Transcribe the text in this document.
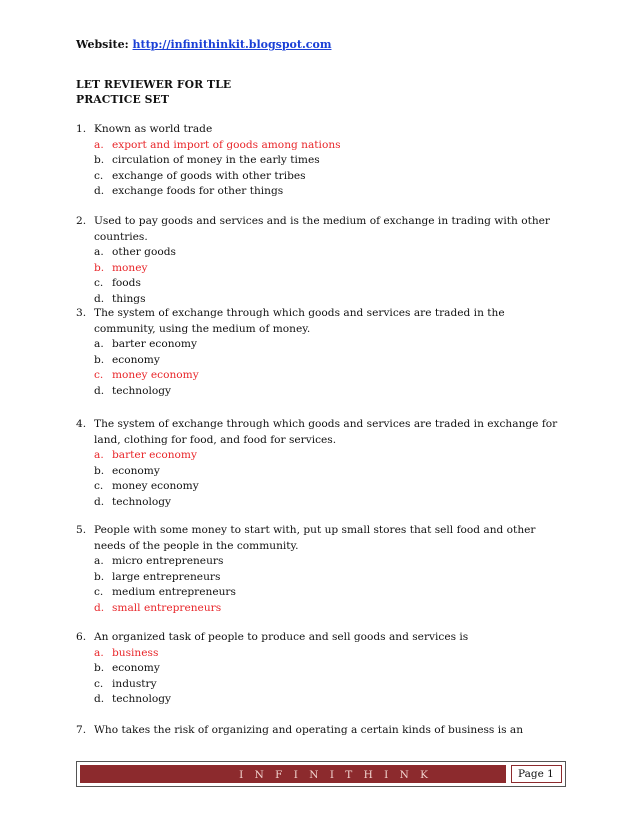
Website: http://infinithinkit.blogspot.com
LET REVIEWER FOR TLE
PRACTICE SET
1. Known as world trade
a. export and import of goods among nations
b. circulation of money in the early times
c. exchange of goods with other tribes
d. exchange foods for other things
2. Used to pay goods and services and is the medium of exchange in trading with other countries.
a. other goods
b. money
c. foods
d. things
3. The system of exchange through which goods and services are traded in the community, using the medium of money.
a. barter economy
b. economy
c. money economy
d. technology
4. The system of exchange through which goods and services are traded in exchange for land, clothing for food, and food for services.
a. barter economy
b. economy
c. money economy
d. technology
5. People with some money to start with, put up small stores that sell food and other needs of the people in the community.
a. micro entrepreneurs
b. large entrepreneurs
c. medium entrepreneurs
d. small entrepreneurs
6. An organized task of people to produce and sell goods and services is
a. business
b. economy
c. industry
d. technology
7. Who takes the risk of organizing and operating a certain kinds of business is an
I N F I N I T H I N K	Page 1
